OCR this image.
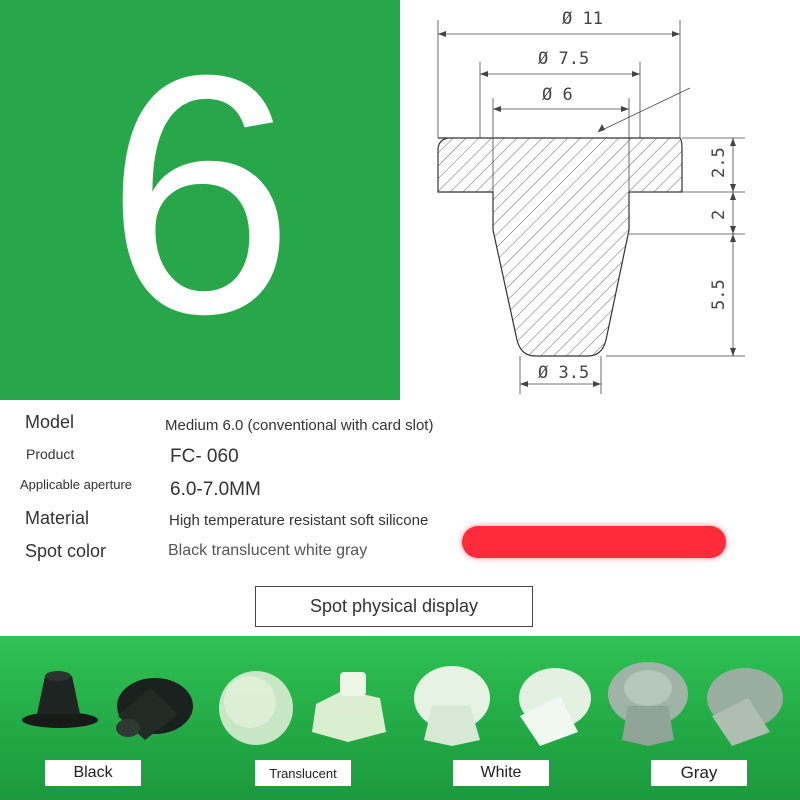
6	Ø 11
Ø 7.5
Ø 6
Ø 3.5
2.5
2
5.5
Model	Medium 6.0 (conventional with card slot)
Product	FC- 060
Applicable aperture 6.0-7.0MM
Material	High temperature resistant soft silicone
Spot color	Black translucent white gray
Spot physical display
Black	Translucent	White	Gray
